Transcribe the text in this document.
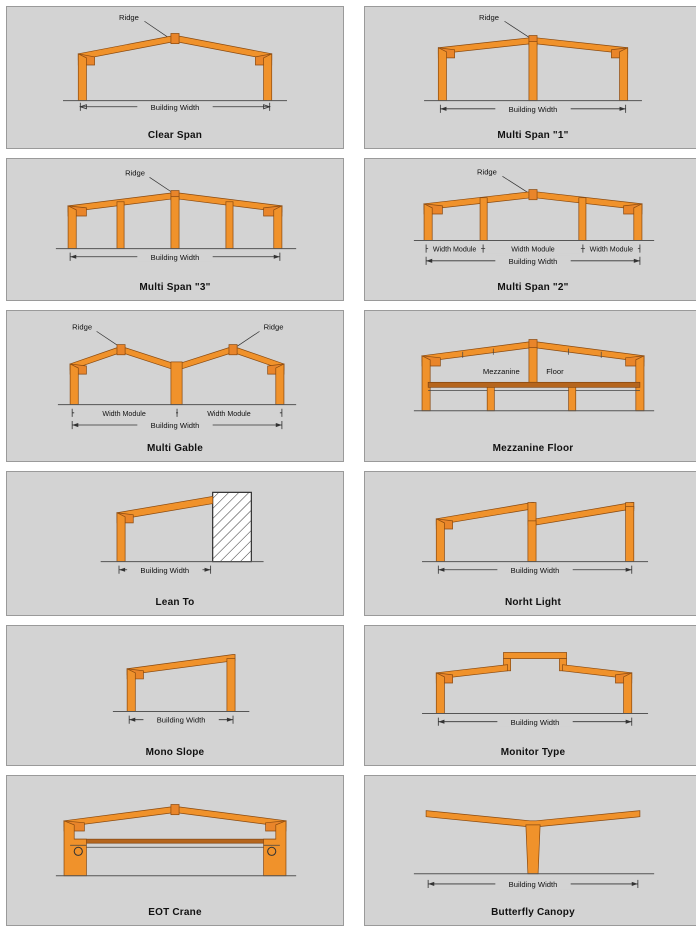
Ridge
Building Width
Clear Span
Ridge
Building Width
Multi Span "1"
Ridge
Building Width
Multi Span "3"
Ridge
Width Module	Width Module	Width Module
Building Width
Multi Span "2"
Ridge	Ridge
Width Module	Width Module
Building Width
Multi Gable
Mezzanine	Floor
Mezzanine Floor
Building Width
Lean To
Building Width
Norht Light
Building Width
Mono Slope
Building Width
Monitor Type
EOT Crane
Building Width
Butterfly Canopy
